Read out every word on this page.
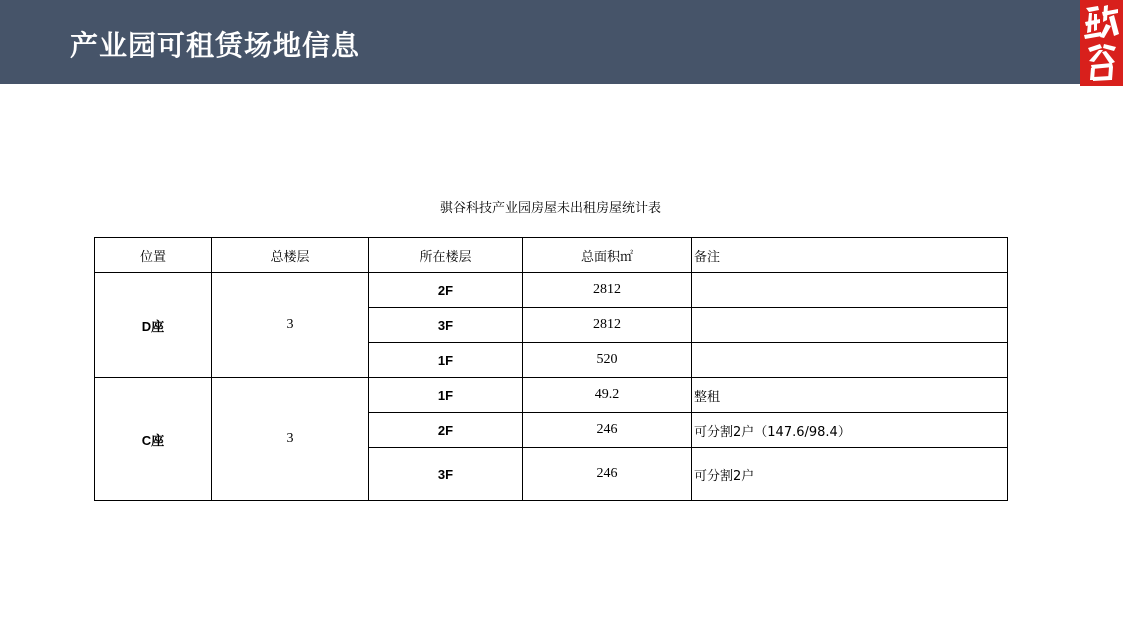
产业园可租赁场地信息
骐谷科技产业园房屋未出租房屋统计表
位置	总楼层	所在楼层	总面积㎡	备注
D座	3	2F	2812	
		3F	2812	
		1F	520	
C座	3	1F	49.2	整租
		2F	246	可分割2户（147.6/98.4）
		3F	246	可分割2户
